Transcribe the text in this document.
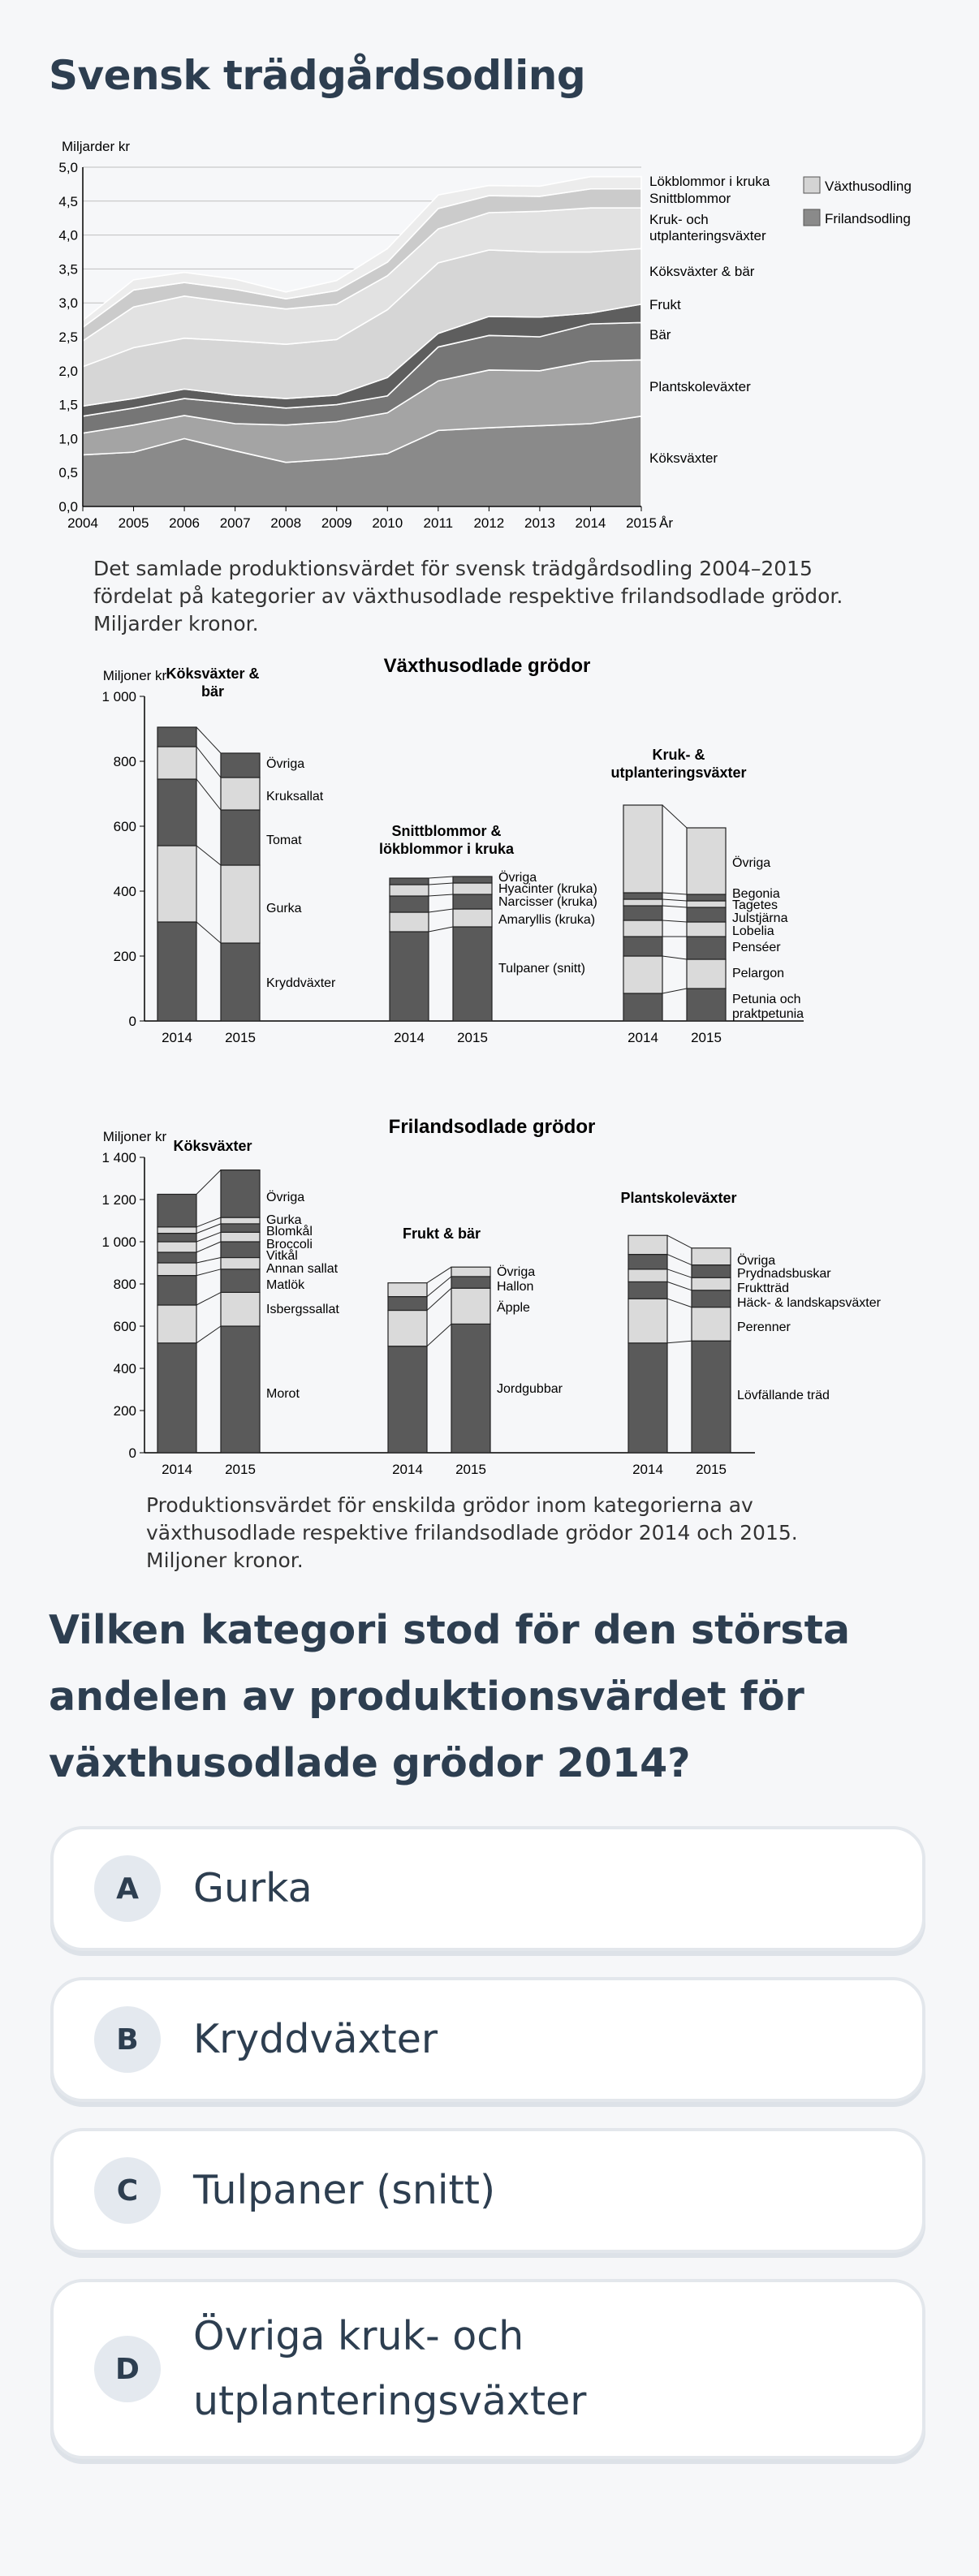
Svensk trädgårdsodling
0,0
0,5
1,0
1,5
2,0
2,5
3,0
3,5
4,0
4,5
5,0
2004 2005 2006 2007 2008 2009 2010 2011 2012 2013 2014 2015 År
Miljarder kr
Köksväxter
Plantskoleväxter
Bär
Frukt
Köksväxter & bär
Kruk- och utplanteringsväxter
Snittblommor
Lökblommor i kruka	Växthusodling
Frilandsodling
Växthusodlade grödor
Miljoner kr
0
200
400
600
800
1 000
Köksväxter & bär
Kryddväxter
Gurka
Tomat
Kruksallat
Övriga
2014 2015
Snittblommor & lökblommor i kruka
Tulpaner (snitt)
Amaryllis (kruka)
Narcisser (kruka)
Hyacinter (kruka)
Övriga
2014 2015
Kruk- & utplanteringsväxter
Petunia och praktpetunia
Pelargon
Penséer
Lobelia
Julstjärna
Tagetes
Begonia
Övriga
2014 2015
Frilandsodlade grödor
Miljoner kr
0
200
400
600
800
1 000
1 200
1 400
Köksväxter
Morot
Isbergssallat
Matlök
Annan sallat
Vitkål
Broccoli
Blomkål
Gurka
Övriga
2014 2015
Frukt & bär
Jordgubbar
Äpple
Hallon
Övriga
2014 2015
Plantskoleväxter
Lövfällande träd
Perenner
Häck- & landskapsväxter
Fruktträd
Prydnadsbuskar
Övriga
2014 2015
Det samlade produktionsvärdet för svensk trädgårdsodling 2004–2015 fördelat på kategorier av växthusodlade respektive frilandsodlade grödor. Miljarder kronor.
Produktionsvärdet för enskilda grödor inom kategorierna av växthusodlade respektive frilandsodlade grödor 2014 och 2015. Miljoner kronor.
Vilken kategori stod för den största andelen av produktionsvärdet för växthusodlade grödor 2014?
A	Gurka
B	Kryddväxter
C	Tulpaner (snitt)
D
Övriga kruk- och utplanteringsväxter
